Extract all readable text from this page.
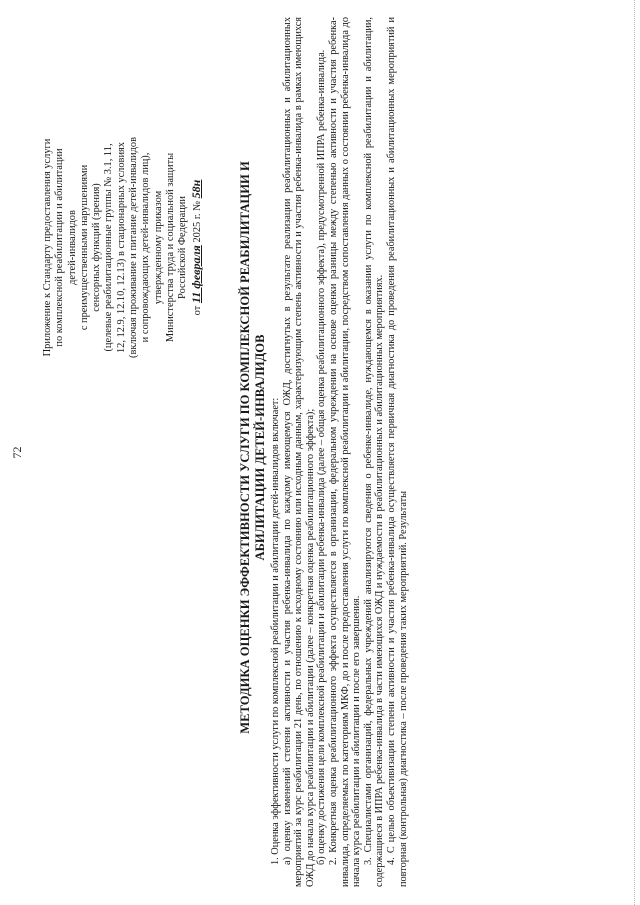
72
Приложение к Стандарту предоставления услуги по комплексной реабилитации и абилитации детей-инвалидов с преимущественными нарушениями сенсорных функций (зрения) (целевые реабилитационные группы № 3.1, 11, 12, 12.9, 12.10, 12.13) в стационарных условиях (включая проживание и питание детей-инвалидов и сопровождающих детей-инвалидов лиц), утвержденному приказом Министерства труда и социальной защиты Российской Федерации
от 11 февраля 2025 г. № 58н	МЕТОДИКА ОЦЕНКИ ЭФФЕКТИВНОСТИ УСЛУГИ ПО КОМПЛЕКСНОЙ РЕАБИЛИТАЦИИ И АБИЛИТАЦИИ ДЕТЕЙ-ИНВАЛИДОВ 1. Оценка эффективности услуги по комплексной реабилитации и абилитации детей-инвалидов включает: а) оценку изменений степени активности и участия ребенка-инвалида по каждому имеющемуся ОЖД, достигнутых в результате реализации реабилитационных и абилитационных мероприятий за курс реабилитации 21 день, по отношению к исходному состоянию или исходным данным, характеризующим степень активности и участия ребенка-инвалида в рамках имеющихся ОЖД до начала курса реабилитации и абилитации (далее – конкретная оценка реабилитационного эффекта); б) оценку достижения цели комплексной реабилитации и абилитации ребенка-инвалида (далее – общая оценка реабилитационного эффекта), предусмотренной ИПРА ребенка-инвалида. 2. Конкретная оценка реабилитационного эффекта осуществляется в организации, федеральном учреждении на основе оценки разницы между степенью активности и участия ребенка-инвалида, определяемых по категориям МКФ, до и после предоставления услуги по комплексной реабилитации и абилитации, посредством сопоставления данных о состоянии ребенка-инвалида до начала курса реабилитации и абилитации и после его завершения. 3. Специалистами организаций, федеральных учреждений анализируются сведения о ребенке-инвалиде, нуждающемся в оказании услуги по комплексной реабилитации и абилитации, содержащиеся в ИПРА ребенка-инвалида в части имеющихся ОЖД и нуждаемости в реабилитационных и абилитационных мероприятиях. 4. С целью объективизации степени активности и участия ребенка-инвалида осуществляется первичная диагностика до проведения реабилитационных и абилитационных мероприятий и повторная (контрольная) диагностика – после проведения таких мероприятий. Результаты
